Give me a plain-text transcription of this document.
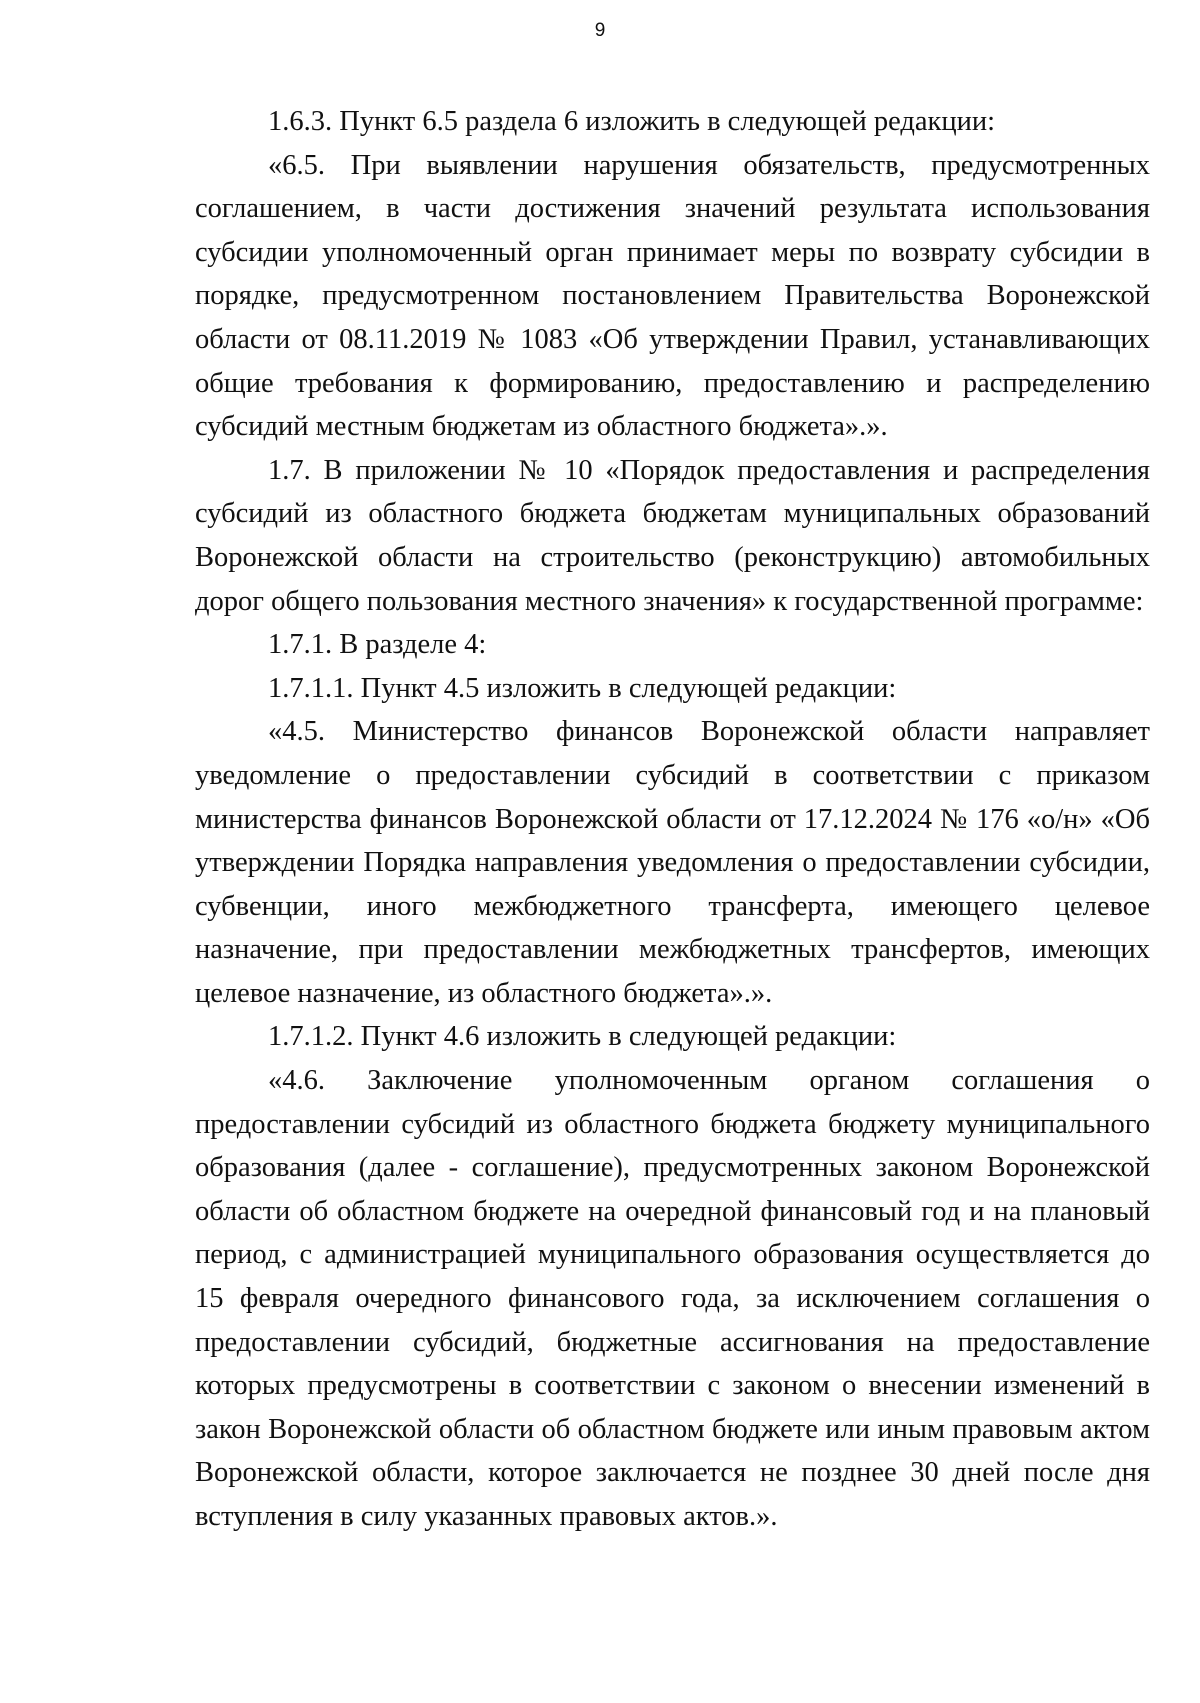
9

1.6.3. Пункт 6.5 раздела 6 изложить в следующей редакции:

«6.5. При выявлении нарушения обязательств, предусмотренных соглашением, в части достижения значений результата использования субсидии уполномоченный орган принимает меры по возврату субсидии в порядке, предусмотренном постановлением Правительства Воронежской области от 08.11.2019 № 1083 «Об утверждении Правил, устанавливающих общие требования к формированию, предоставлению и распределению субсидий местным бюджетам из областного бюджета».».

1.7. В приложении № 10 «Порядок предоставления и распределения субсидий из областного бюджета бюджетам муниципальных образований Воронежской области на строительство (реконструкцию) автомобильных дорог общего пользования местного значения» к государственной программе:

1.7.1. В разделе 4:

1.7.1.1. Пункт 4.5 изложить в следующей редакции:

«4.5. Министерство финансов Воронежской области направляет уведомление о предоставлении субсидий в соответствии с приказом министерства финансов Воронежской области от 17.12.2024 № 176 «о/н» «Об утверждении Порядка направления уведомления о предоставлении субсидии, субвенции, иного межбюджетного трансферта, имеющего целевое назначение, при предоставлении межбюджетных трансфертов, имеющих целевое назначение, из областного бюджета».».

1.7.1.2. Пункт 4.6 изложить в следующей редакции:

«4.6. Заключение уполномоченным органом соглашения о предоставлении субсидий из областного бюджета бюджету муниципального образования (далее - соглашение), предусмотренных законом Воронежской области об областном бюджете на очередной финансовый год и на плановый период, с администрацией муниципального образования осуществляется до 15 февраля очередного финансового года, за исключением соглашения о предоставлении субсидий, бюджетные ассигнования на предоставление которых предусмотрены в соответствии с законом о внесении изменений в закон Воронежской области об областном бюджете или иным правовым актом Воронежской области, которое заключается не позднее 30 дней после дня вступления в силу указанных правовых актов.».
